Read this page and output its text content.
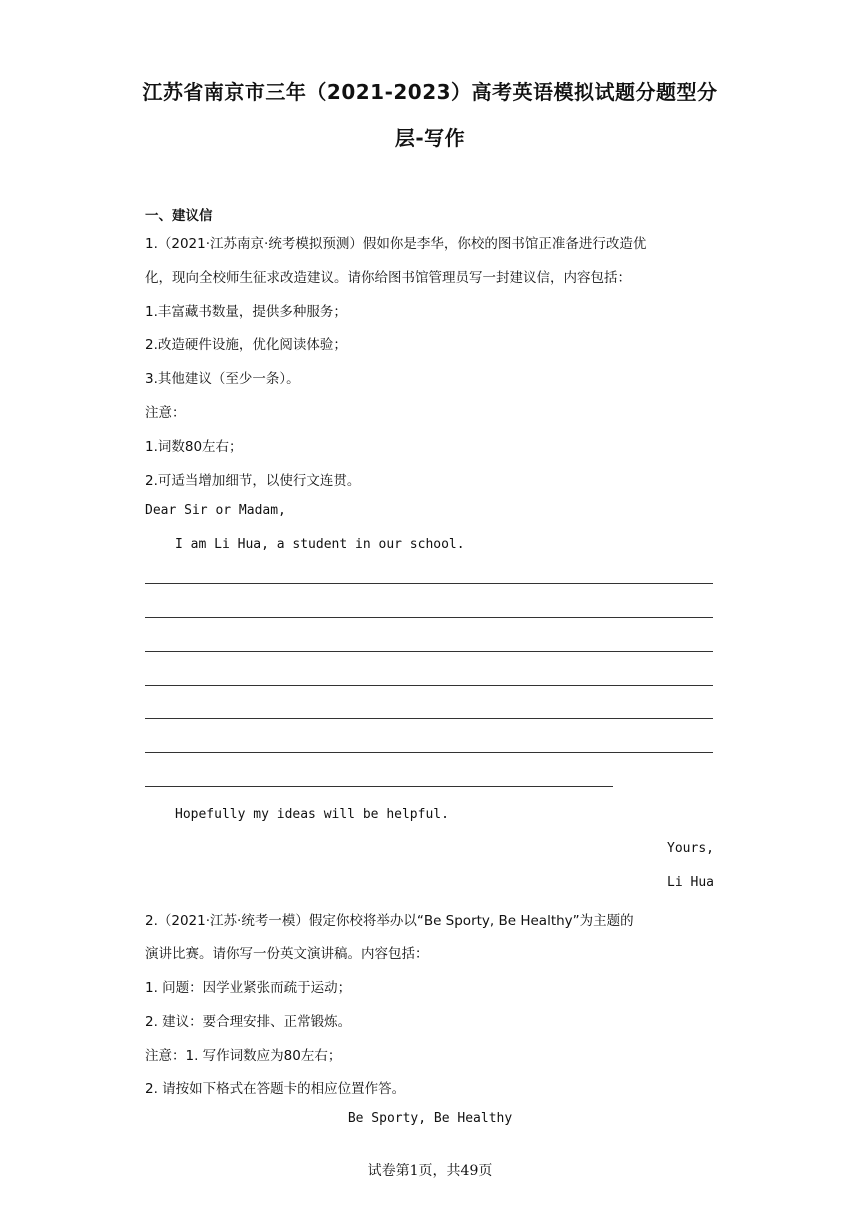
江苏省南京市三年（2021-2023）高考英语模拟试题分题型分
层-写作
一、建议信
1.（2021·江苏南京·统考模拟预测）假如你是李华，你校的图书馆正准备进行改造优
化，现向全校师生征求改造建议。请你给图书馆管理员写一封建议信，内容包括：
1.丰富藏书数量，提供多种服务；
2.改造硬件设施，优化阅读体验；
3.其他建议（至少一条）。
注意：
1.词数80左右；
2.可适当增加细节，以使行文连贯。
Dear Sir or Madam,
I am Li Hua, a student in our school.
Hopefully my ideas will be helpful.
Yours,
Li Hua
2.（2021·江苏·统考一模）假定你校将举办以“Be Sporty, Be Healthy”为主题的
演讲比赛。请你写一份英文演讲稿。内容包括：
1. 问题：因学业紧张而疏于运动；
2. 建议：要合理安排、正常锻炼。
注意：1. 写作词数应为80左右；
2. 请按如下格式在答题卡的相应位置作答。
Be Sporty, Be Healthy
试卷第1页，共49页
